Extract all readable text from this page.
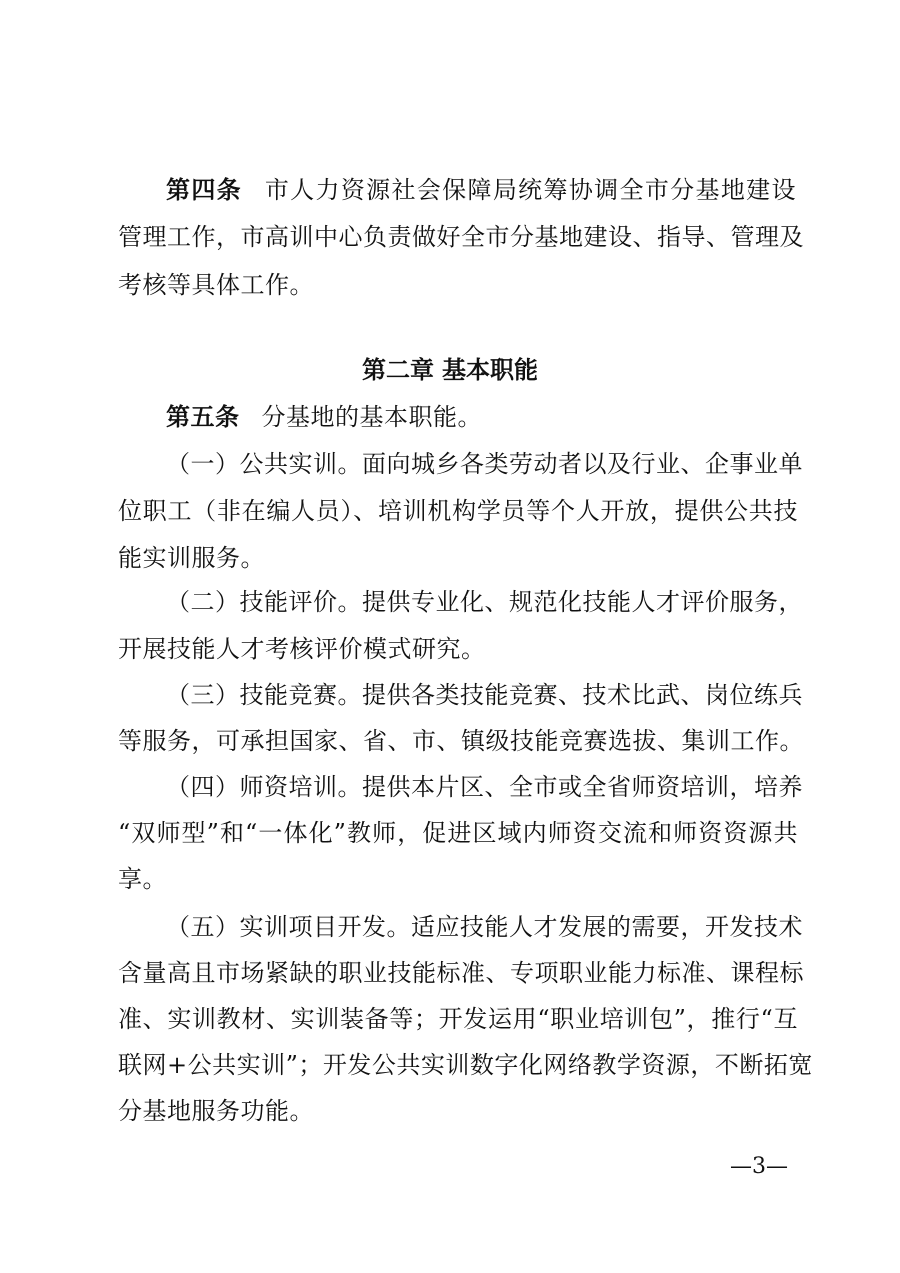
第四条 市人力资源社会保障局统筹协调全市分基地建设
管理工作，市高训中心负责做好全市分基地建设、指导、管理及
考核等具体工作。
第二章 基本职能
第五条 分基地的基本职能。
（一）公共实训。面向城乡各类劳动者以及行业、企事业单
位职工（非在编人员）、培训机构学员等个人开放，提供公共技
能实训服务。
（二）技能评价。提供专业化、规范化技能人才评价服务，
开展技能人才考核评价模式研究。
（三）技能竞赛。提供各类技能竞赛、技术比武、岗位练兵
等服务，可承担国家、省、市、镇级技能竞赛选拔、集训工作。
（四）师资培训。提供本片区、全市或全省师资培训，培养
“双师型”和“一体化”教师，促进区域内师资交流和师资资源共
享。
（五）实训项目开发。适应技能人才发展的需要，开发技术
含量高且市场紧缺的职业技能标准、专项职业能力标准、课程标
准、实训教材、实训装备等；开发运用“职业培训包”，推行“互
联网+公共实训”；开发公共实训数字化网络教学资源，不断拓宽
分基地服务功能。
—3—
